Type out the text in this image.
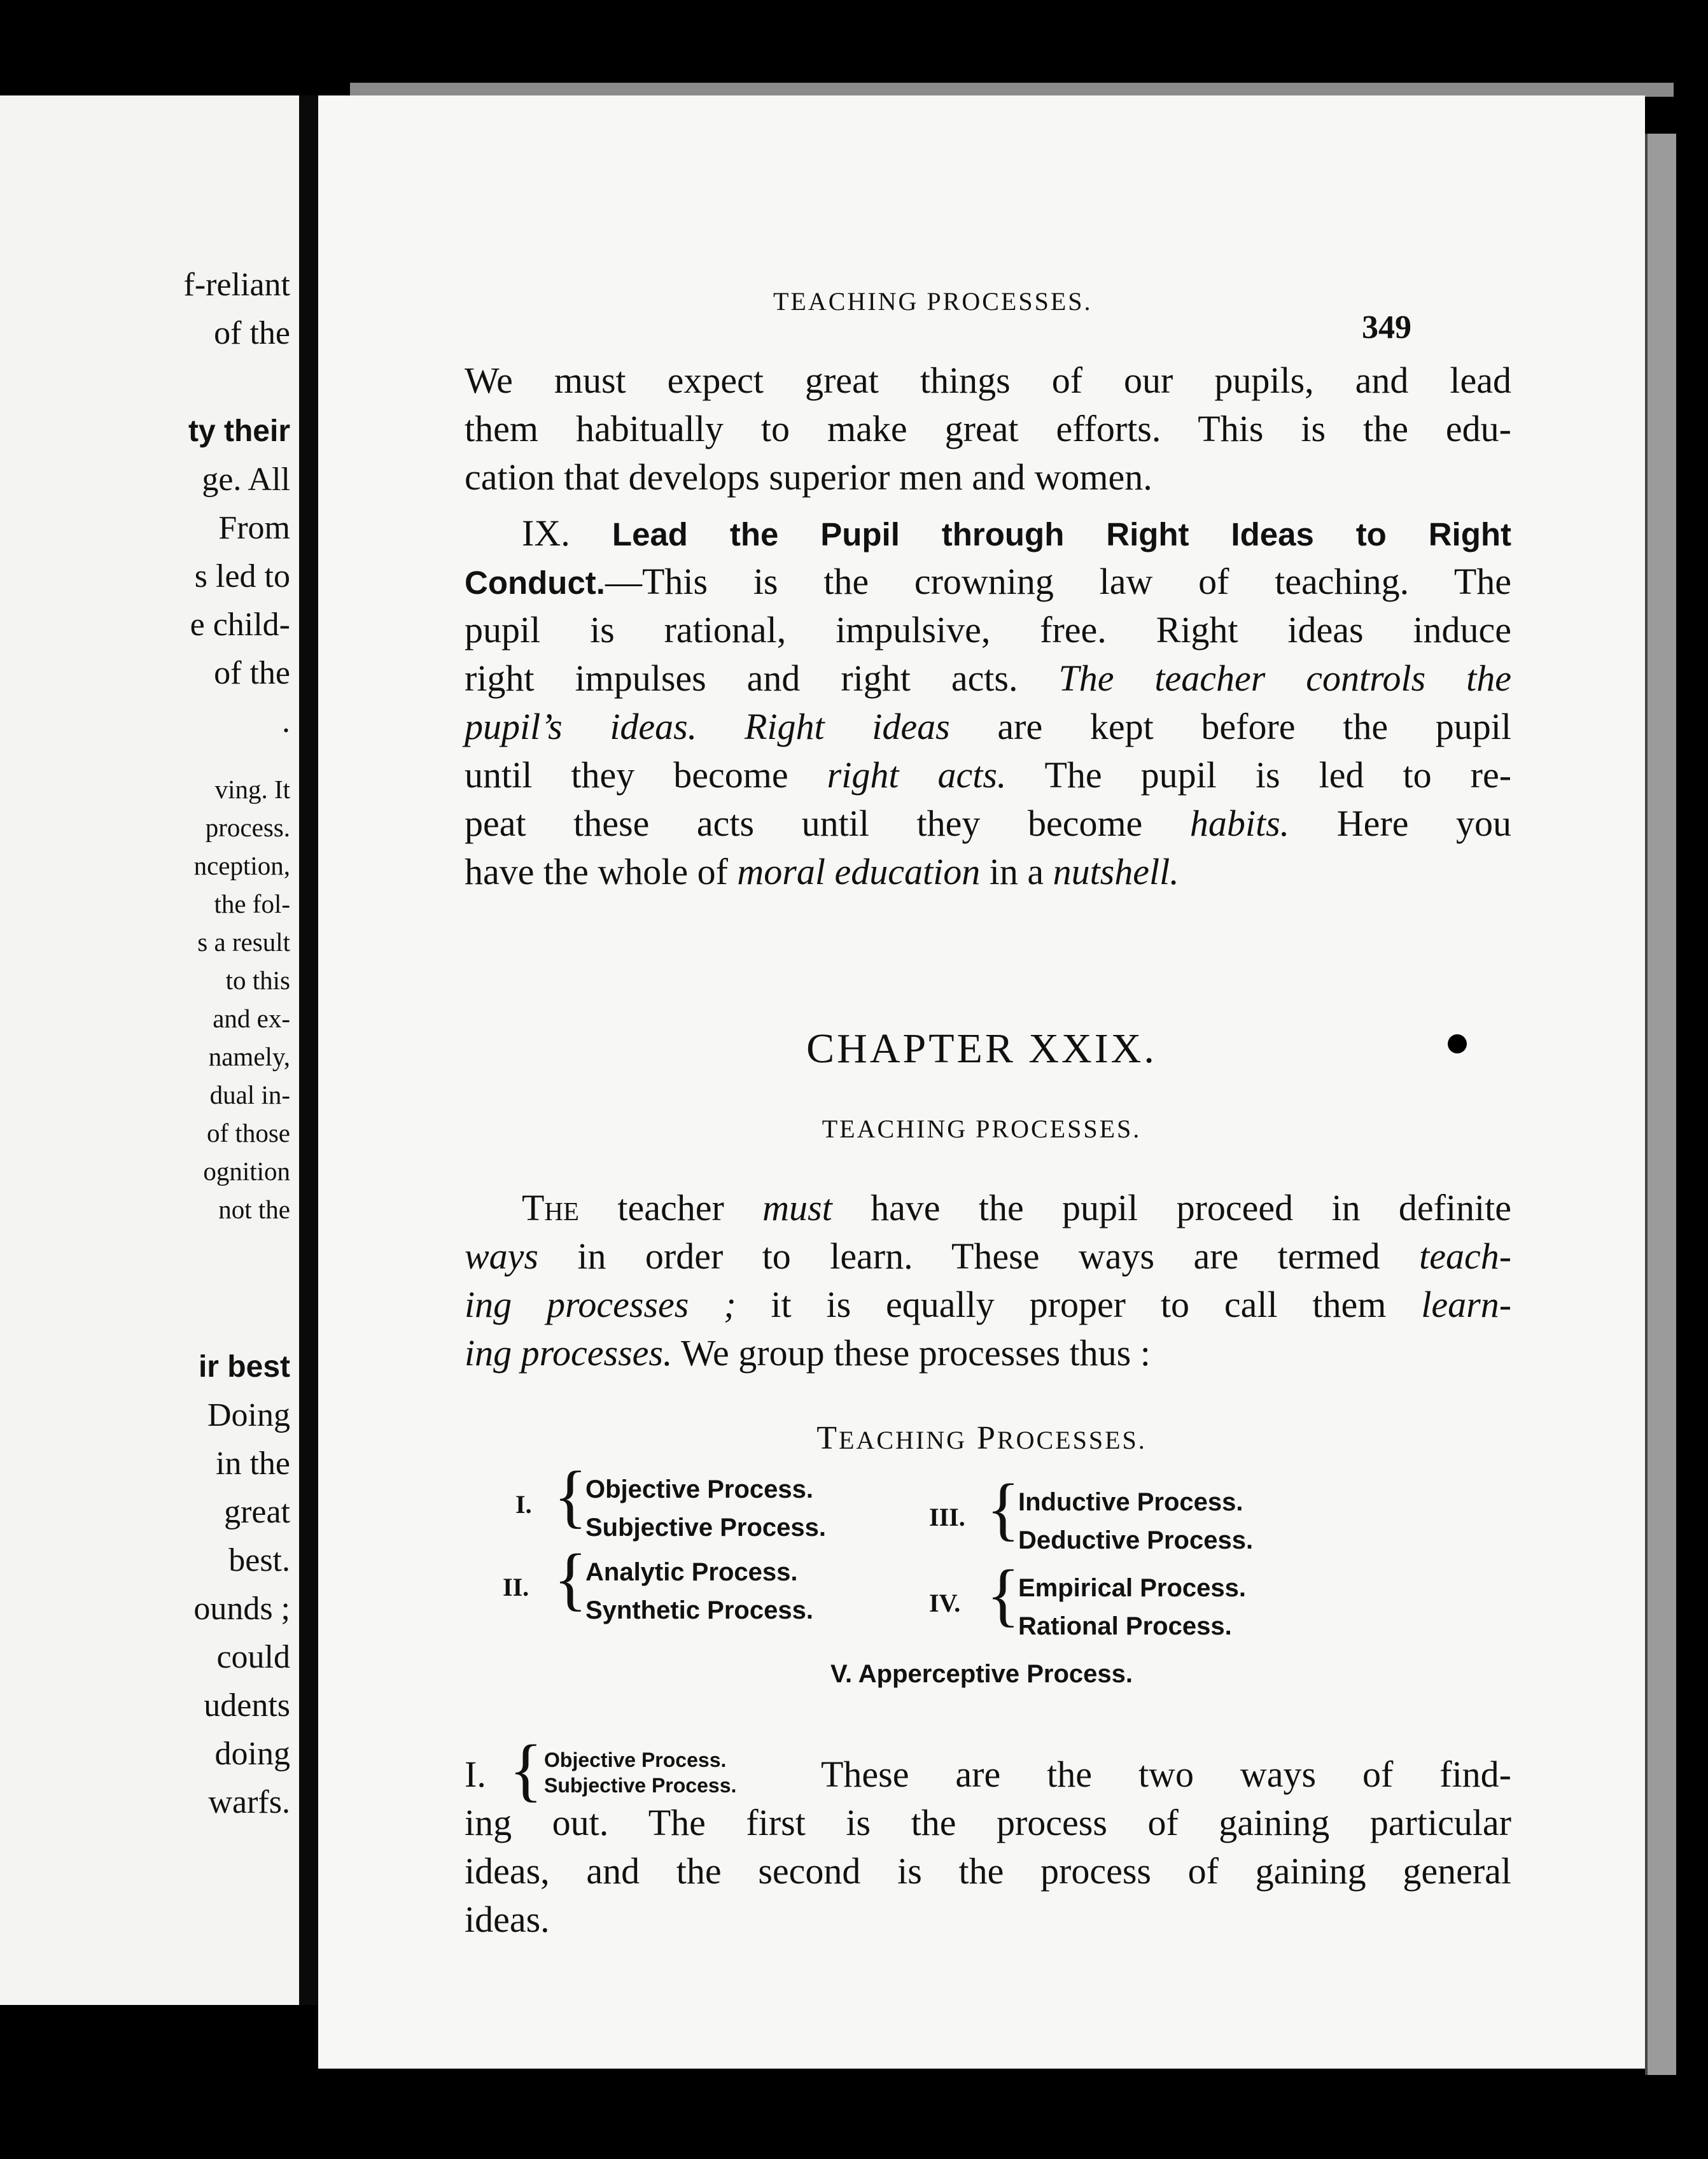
f-reliant
of the
ty their
ge. All
From
s led to
e child-
of the
.
ving. It
process.
nception,
the fol-
s a result
to this
and ex-
namely,
dual in-
of those
ognition
not the
ir best
Doing
in the
great
best.
ounds ;
could
udents
doing
warfs.
TEACHING PROCESSES.
349
We must expect great things of our pupils, and lead
them habitually to make great efforts. This is the edu-
cation that develops superior men and women.
IX. Lead the Pupil through Right Ideas to Right
Conduct.—This is the crowning law of teaching. The
pupil is rational, impulsive, free. Right ideas induce
right impulses and right acts. The teacher controls the
pupil’s ideas. Right ideas are kept before the pupil
until they become right acts. The pupil is led to re-
peat these acts until they become habits. Here you
have the whole of moral education in a nutshell.
CHAPTER XXIX.
TEACHING PROCESSES.
The teacher must have the pupil proceed in definite
ways in order to learn. These ways are termed teach-
ing processes ; it is equally proper to call them learn-
ing processes. We group these processes thus :
TEACHING PROCESSES.
I. {
Objective Process.
Subjective Process.
II. {
Analytic Process.
Synthetic Process.
III. {
Inductive Process.
Deductive Process.
IV. {
Empirical Process.
Rational Process.
V. Apperceptive Process.
I. { Objective Process.
Subjective Process. These are the two ways of find-
ing out. The first is the process of gaining particular
ideas, and the second is the process of gaining general
ideas.
